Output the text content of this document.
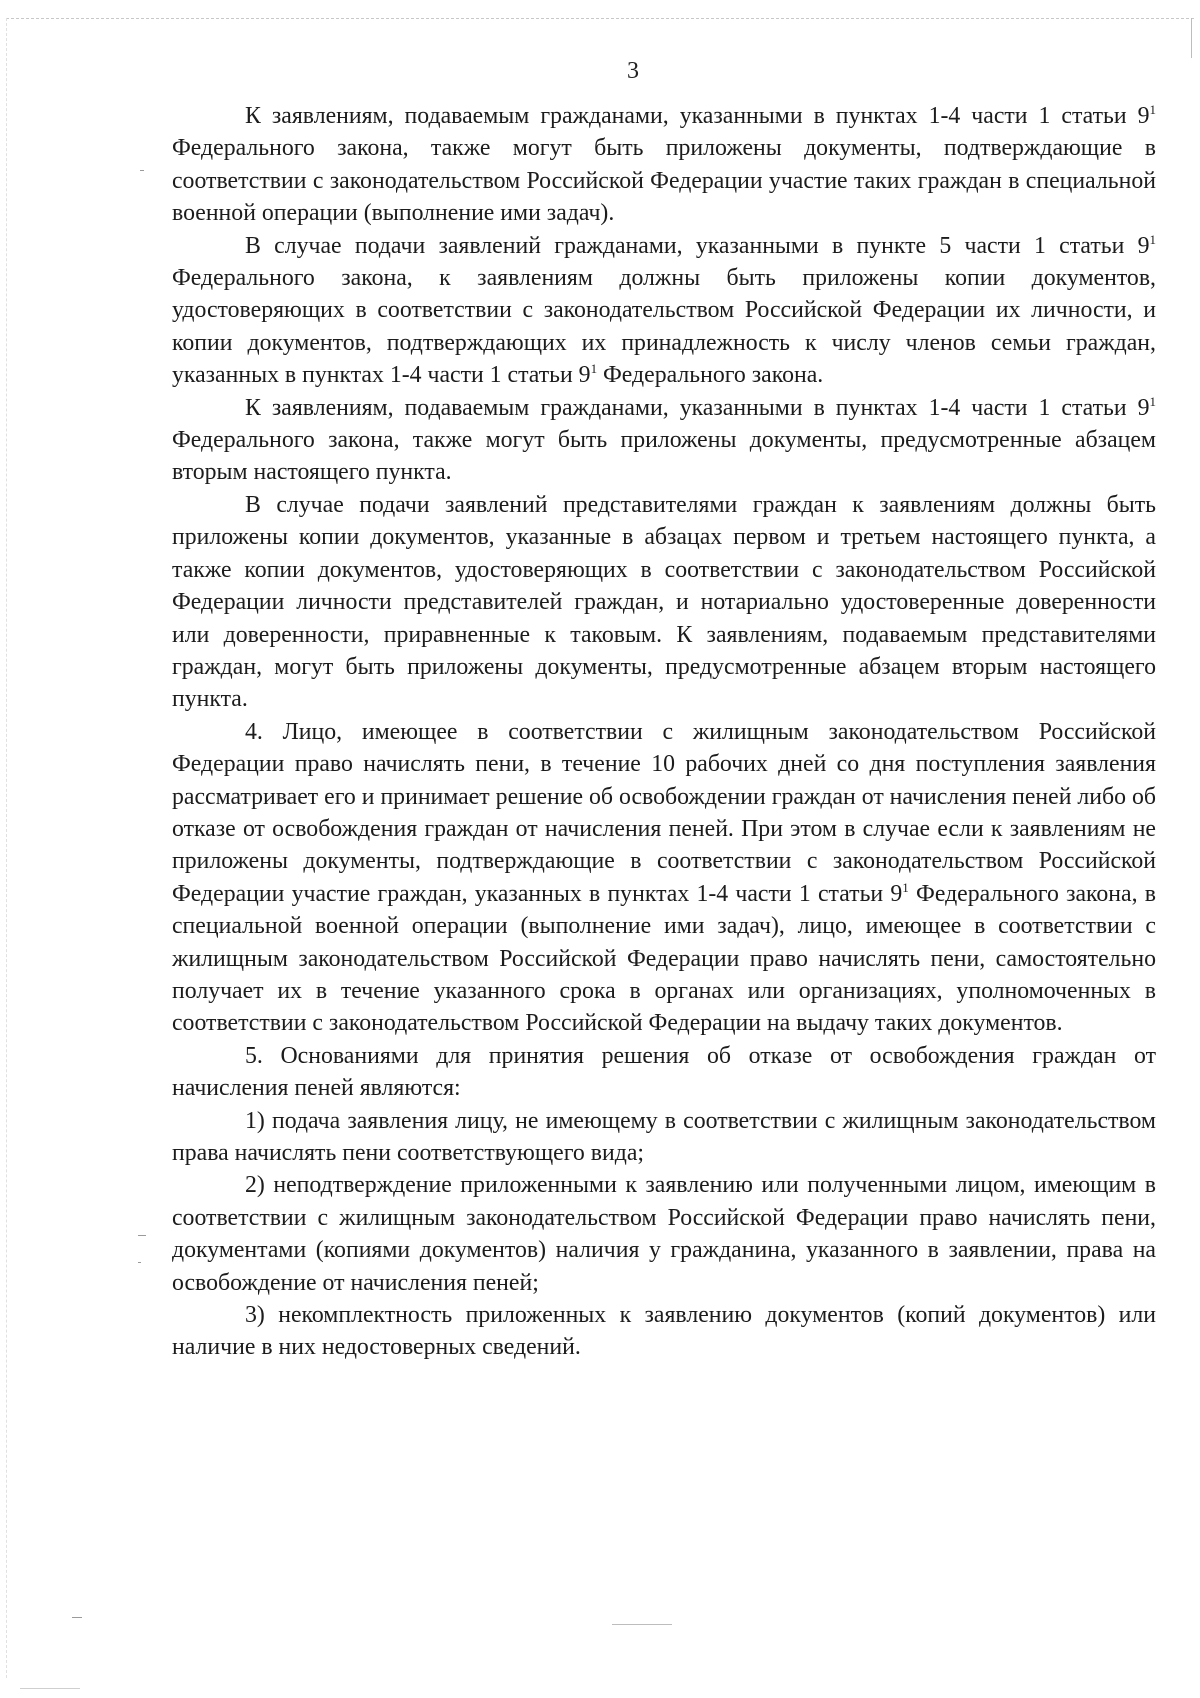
3

К заявлениям, подаваемым гражданами, указанными в пунктах 1-4 части 1 статьи $9^1$ Федерального закона, также могут быть приложены документы, подтверждающие в соответствии с законодательством Российской Федерации участие таких граждан в специальной военной операции (выполнение ими задач).

В случае подачи заявлений гражданами, указанными в пункте 5 части 1 статьи $9^1$ Федерального закона, к заявлениям должны быть приложены копии документов, удостоверяющих в соответствии с законодательством Российской Федерации их личности, и копии документов, подтверждающих их принадлежность к числу членов семьи граждан, указанных в пунктах 1-4 части 1 статьи $9^1$ Федерального закона.

К заявлениям, подаваемым гражданами, указанными в пунктах 1-4 части 1 статьи $9^1$ Федерального закона, также могут быть приложены документы, предусмотренные абзацем вторым настоящего пункта.

В случае подачи заявлений представителями граждан к заявлениям должны быть приложены копии документов, указанные в абзацах первом и третьем настоящего пункта, а также копии документов, удостоверяющих в соответствии с законодательством Российской Федерации личности представителей граждан, и нотариально удостоверенные доверенности или доверенности, приравненные к таковым. К заявлениям, подаваемым представителями граждан, могут быть приложены документы, предусмотренные абзацем вторым настоящего пункта.

4. Лицо, имеющее в соответствии с жилищным законодательством Российской Федерации право начислять пени, в течение 10 рабочих дней со дня поступления заявления рассматривает его и принимает решение об освобождении граждан от начисления пеней либо об отказе от освобождения граждан от начисления пеней. При этом в случае если к заявлениям не приложены документы, подтверждающие в соответствии с законодательством Российской Федерации участие граждан, указанных в пунктах 1-4 части 1 статьи $9^1$ Федерального закона, в специальной военной операции (выполнение ими задач), лицо, имеющее в соответствии с жилищным законодательством Российской Федерации право начислять пени, самостоятельно получает их в течение указанного срока в органах или организациях, уполномоченных в соответствии с законодательством Российской Федерации на выдачу таких документов.

5. Основаниями для принятия решения об отказе от освобождения граждан от начисления пеней являются:

1) подача заявления лицу, не имеющему в соответствии с жилищным законодательством права начислять пени соответствующего вида;

2) неподтверждение приложенными к заявлению или полученными лицом, имеющим в соответствии с жилищным законодательством Российской Федерации право начислять пени, документами (копиями документов) наличия у гражданина, указанного в заявлении, права на освобождение от начисления пеней;

3) некомплектность приложенных к заявлению документов (копий документов) или наличие в них недостоверных сведений.
